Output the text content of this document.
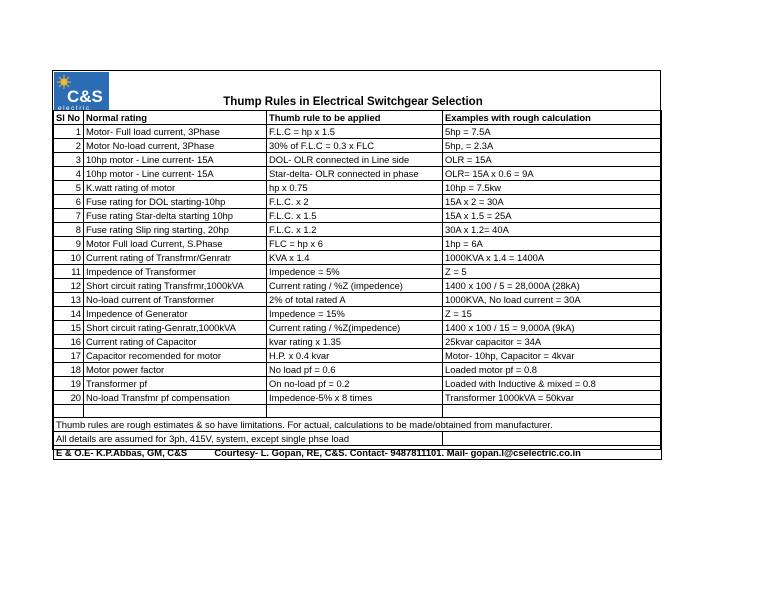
C&S
electric
Thump Rules in Electrical Switchgear Selection
Sl No	Normal rating	Thumb rule to be applied	Examples with rough calculation
1	Motor- Full load current, 3Phase	F.L.C = hp x 1.5	5hp = 7.5A
2	Motor No-load current, 3Phase	30% of F.L.C = 0.3 x FLC	5hp, = 2.3A
3	10hp motor - Line current- 15A	DOL- OLR connected in Line side	OLR = 15A
4	10hp motor - Line current- 15A	Star-delta- OLR connected in phase	OLR= 15A x 0.6 = 9A
5	K.watt rating of motor	hp x 0.75	10hp = 7.5kw
6	Fuse rating for DOL starting-10hp	F.L.C. x 2	15A x 2 = 30A
7	Fuse rating Star-delta starting 10hp	F.L.C. x 1.5	15A x 1.5 = 25A
8	Fuse rating Slip ring starting, 20hp	F.L.C. x 1.2	30A x 1.2= 40A
9	Motor Full load Current, S.Phase	FLC = hp x 6	1hp = 6A
10	Current rating of Transfrmr/Genratr	KVA x 1.4	1000KVA x 1.4 = 1400A
11	Impedence of Transformer	Impedence = 5%	Z = 5
12	Short circuit rating Transfrmr,1000kVA	Current rating / %Z (impedence)	1400 x 100 / 5 = 28,000A (28kA)
13	No-load current of Transformer	2% of total rated A	1000KVA, No load current = 30A
14	Impedence of Generator	Impedence = 15%	Z = 15
15	Short circuit rating-Genratr,1000kVA	Current rating / %Z(impedence)	1400 x 100 / 15 = 9,000A (9kA)
16	Current rating of Capacitor	kvar rating x 1.35	25kvar capacitor = 34A
17	Capacitor recomended for motor	H.P. x 0.4 kvar	Motor- 10hp, Capacitor = 4kvar
18	Motor power factor	No load pf = 0.6	Loaded motor pf = 0.8
19	Transformer pf	On no-load pf = 0.2	Loaded with Inductive & mixed = 0.8
20	No-load Transfmr pf compensation	Impedence-5% x 8 times	Transformer 1000kVA = 50kvar

Thumb rules are rough estimates & so have limitations. For actual, calculations to be made/obtained from manufacturer.			
All details are assumed for 3ph, 415V, system, except single phse load			
E & O.E- K.P.Abbas, GM, C&S Courtesy- L. Gopan, RE, C&S. Contact- 9487811101. Mail- gopan.l@cselectric.co.in			
